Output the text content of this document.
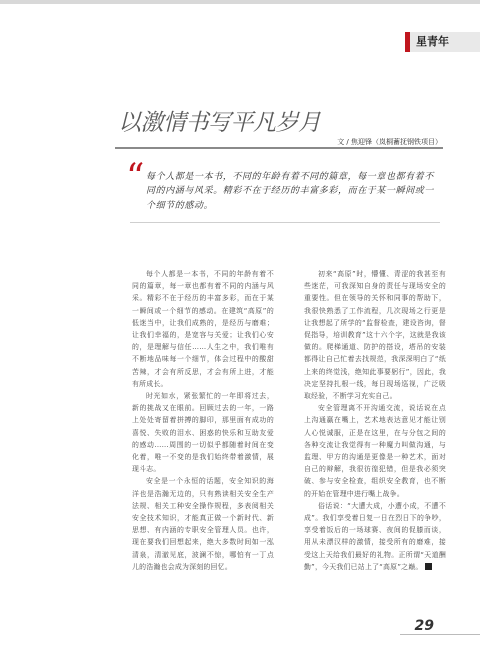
星青年
以激情书写平凡岁月
文 / 焦迎锋（岚桐蓄抚钢铁项目）
“ 每个人都是一本书，不同的年龄有着不同的篇章，每一章也都有着不同的内涵与风采。精彩不在于经历的丰富多彩，而在于某一瞬间或一个细节的感动。

每个人都是一本书，不同的年龄有着不同的篇章，每一章也都有着不同的内涵与风采。精彩不在于经历的丰富多彩，而在于某一瞬间或一个细节的感动。在建筑“高原”的低迷当中，让我们成熟的，是经历与磨难；让我们幸福的，是宽容与关爱；让我们心安的，是理解与信任……人生之中，我们唯有不断地品味每一个细节，体会过程中的酸甜苦辣，才会有所反思，才会有所上进，才能有所成长。

时光如水，紧张繁忙的一年即将过去，新的挑战又在眼前。回顾过去的一年，一路上处处寄留着拼搏的脚印，那里面有成功的喜悦、失败的泪水、困惑的快乐和互助友爱的感动……周围的一切似乎都随着时间在变化着，唯一不变的是我们始终带着激情，展现斗志。

安全是一个永恒的话题，安全知识的海洋也是浩瀚无边的，只有熟读相关安全生产法规、相关工种安全操作规程，多表阅相关安全技术知识，才能真正做一个新时代、新思想、有内涵的专职安全管理人员。也许，现在要我们回想起来，绝大多数时间如一泓清泉，清澈见底，波澜不惊，哪怕有一丁点儿的浩瀚也会成为深刻的回忆。

初来“高原”时，懵懂、青涩的我甚至有些迷茫，可我深知自身的责任与现场安全的重要性。但在领导的关怀和同事的帮助下，我很快熟悉了工作流程，几次现场之行更是让我想起了所学的“监督检查，建设咨询，督促指导，培训教育”这十六个字，这就是我该做的。爬梯通道、防护的搭设，塔吊的安装都得让自己忙着去找规范，我深深明白了“纸上来的终觉浅，绝知此事要躬行”，因此，我决定坚持扎根一线，每日现场巡视，广泛吸取经验，不断学习充实自己。

安全管理离不开沟通交流，说话说在点上沟通赢在嘴上，艺术地表达意见才能让别人心悦诚服，正是在这里，在与分包之间的各种交流让我觉得有一种魔力叫做沟通，与监理、甲方的沟通是更像是一种艺术，面对自己的辩解，我很彷徨犯错，但是我必须突破、参与安全检查，组织安全教育，也不断的开始在管理中进行嘴上战争。

俗话说：“大遭大成，小遭小成，不遭不成”。我们享受着日复一日在烈日下的争吵，享受着饭后的一场球赛、夜间的促膝而谈，用从未漂汉样的激情，接受所有的磨难，接受这上天给我们最好的礼物。正所谓“天道酬勤”，今天我们已站上了“高原”之巅。

29
